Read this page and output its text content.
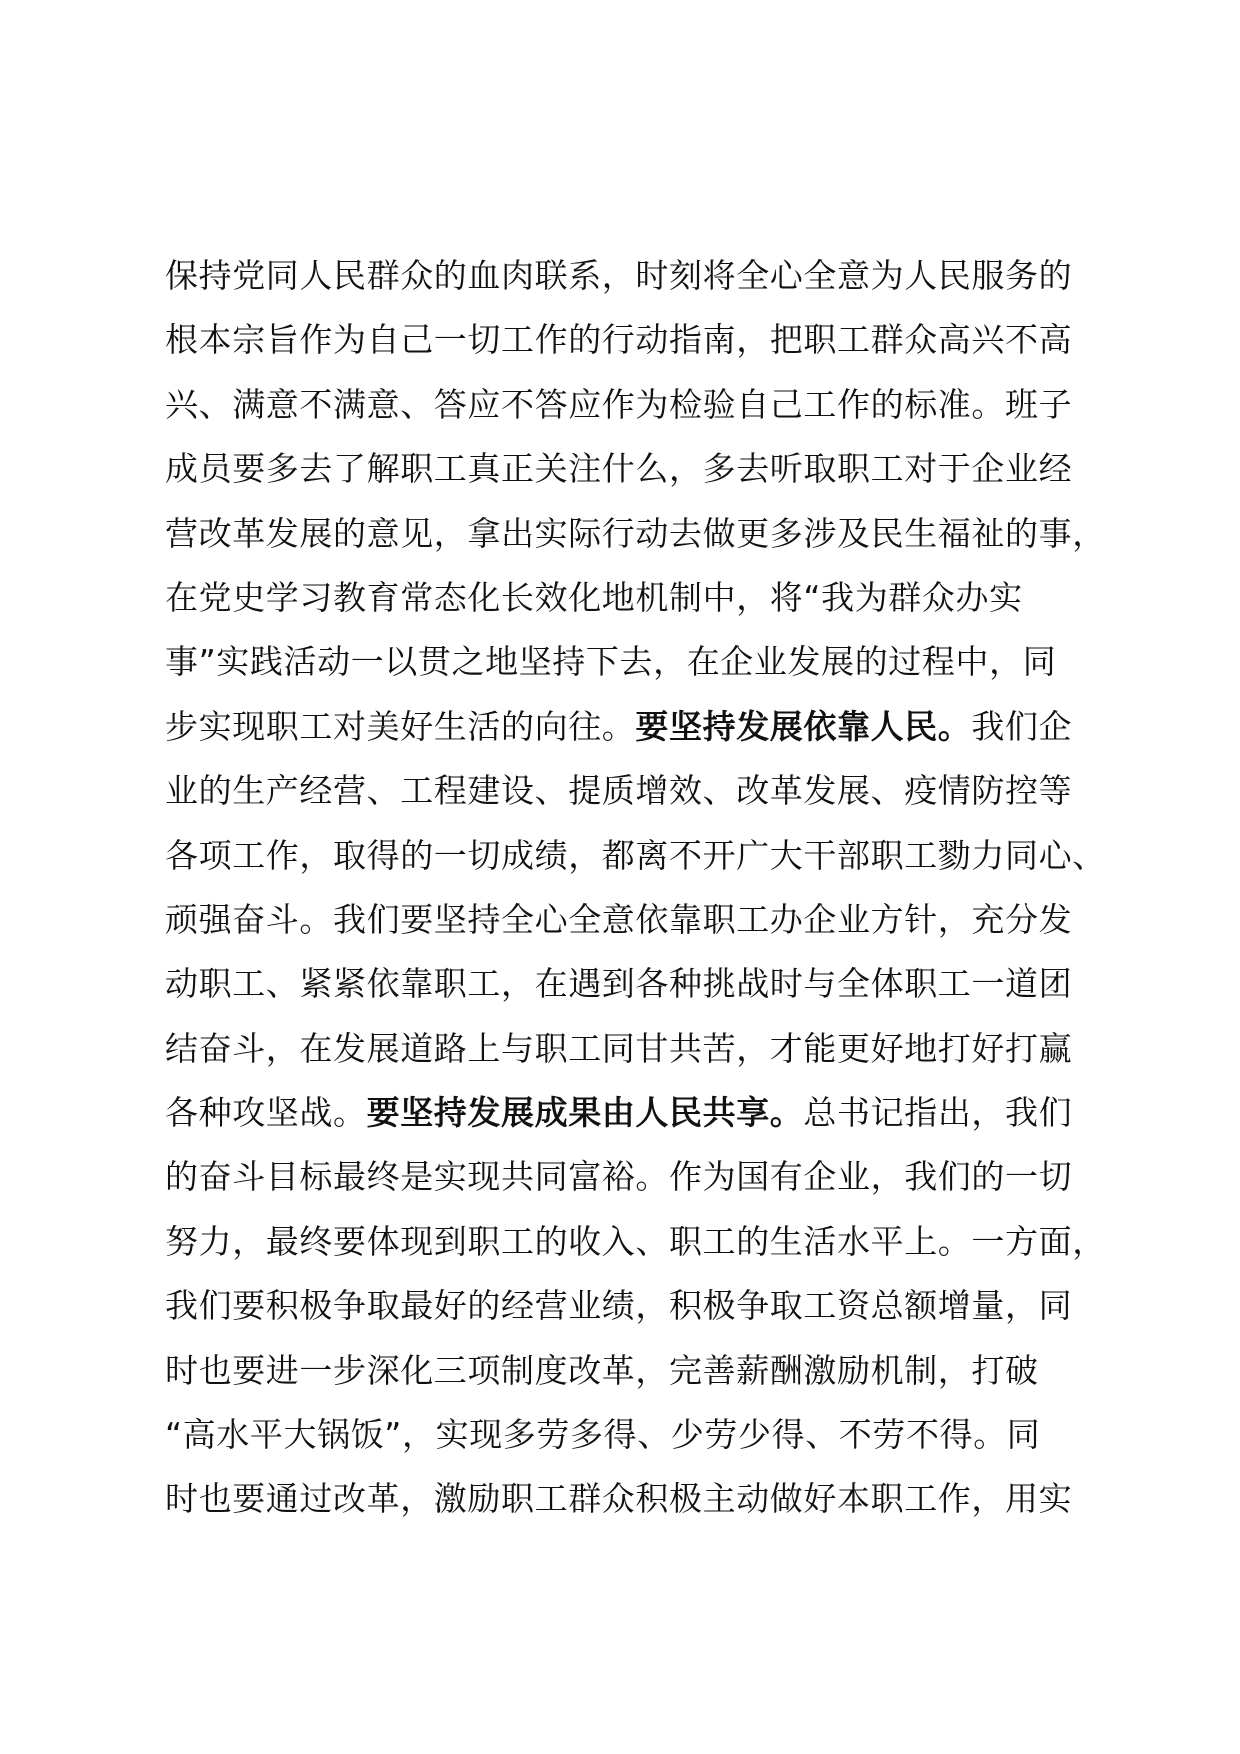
保持党同人民群众的血肉联系，时刻将全心全意为人民服务的
根本宗旨作为自己一切工作的行动指南，把职工群众高兴不高
兴、满意不满意、答应不答应作为检验自己工作的标准。班子
成员要多去了解职工真正关注什么，多去听取职工对于企业经
营改革发展的意见，拿出实际行动去做更多涉及民生福祉的事，
在党史学习教育常态化长效化地机制中，将“我为群众办实
事”实践活动一以贯之地坚持下去，在企业发展的过程中，同
步实现职工对美好生活的向往。要坚持发展依靠人民。我们企
业的生产经营、工程建设、提质增效、改革发展、疫情防控等
各项工作，取得的一切成绩，都离不开广大干部职工勠力同心、
顽强奋斗。我们要坚持全心全意依靠职工办企业方针，充分发
动职工、紧紧依靠职工，在遇到各种挑战时与全体职工一道团
结奋斗，在发展道路上与职工同甘共苦，才能更好地打好打赢
各种攻坚战。要坚持发展成果由人民共享。总书记指出，我们
的奋斗目标最终是实现共同富裕。作为国有企业，我们的一切
努力，最终要体现到职工的收入、职工的生活水平上。一方面，
我们要积极争取最好的经营业绩，积极争取工资总额增量，同
时也要进一步深化三项制度改革，完善薪酬激励机制，打破
“高水平大锅饭”，实现多劳多得、少劳少得、不劳不得。同
时也要通过改革，激励职工群众积极主动做好本职工作，用实
